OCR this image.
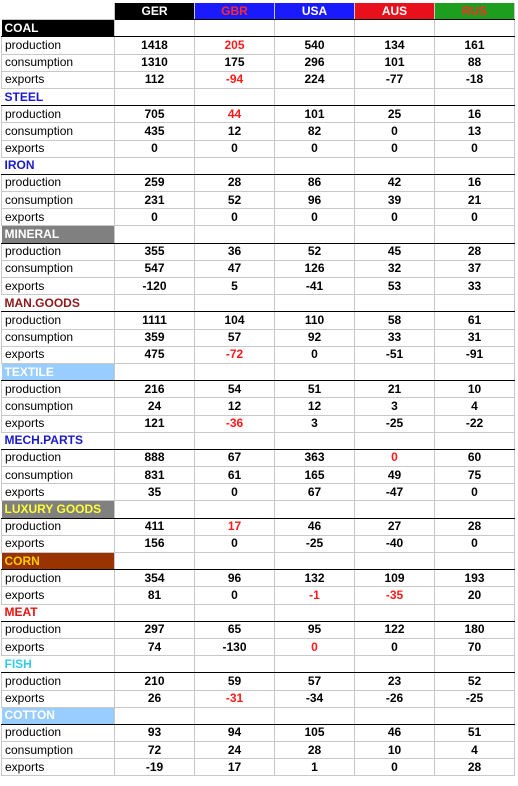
	GER	GBR	USA	AUS	RUS
COAL					
production	1418	205	540	134	161
consumption	1310	175	296	101	88
exports	112	-94	224	-77	-18
STEEL					
production	705	44	101	25	16
consumption	435	12	82	0	13
exports	0	0	0	0	0
IRON					
production	259	28	86	42	16
consumption	231	52	96	39	21
exports	0	0	0	0	0
MINERAL					
production	355	36	52	45	28
consumption	547	47	126	32	37
exports	-120	5	-41	53	33
MAN.GOODS					
production	1111	104	110	58	61
consumption	359	57	92	33	31
exports	475	-72	0	-51	-91
TEXTILE					
production	216	54	51	21	10
consumption	24	12	12	3	4
exports	121	-36	3	-25	-22
MECH.PARTS					
production	888	67	363	0	60
consumption	831	61	165	49	75
exports	35	0	67	-47	0
LUXURY GOODS					
production	411	17	46	27	28
exports	156	0	-25	-40	0
CORN					
production	354	96	132	109	193
exports	81	0	-1	-35	20
MEAT					
production	297	65	95	122	180
exports	74	-130	0	0	70
FISH					
production	210	59	57	23	52
exports	26	-31	-34	-26	-25
COTTON					
production	93	94	105	46	51
consumption	72	24	28	10	4
exports	-19	17	1	0	28
